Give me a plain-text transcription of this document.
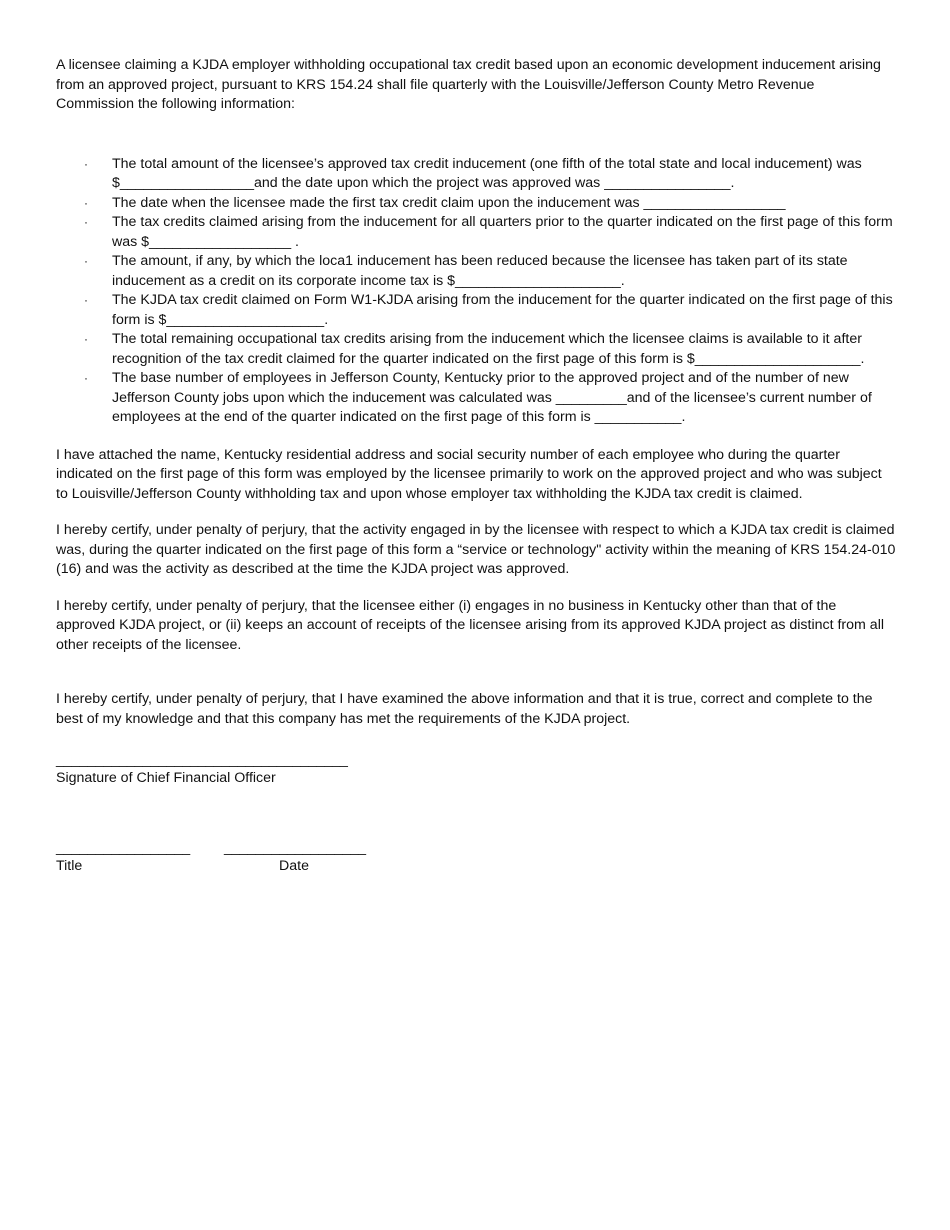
A licensee claiming a KJDA employer withholding occupational tax credit based upon an economic development inducement arising from an approved project, pursuant to KRS 154.24 shall file quarterly with the Louisville/Jefferson County Metro Revenue Commission the following information:

· The total amount of the licensee’s approved tax credit inducement (one fifth of the total state and local inducement) was $_________________and the date upon which the project was approved was ________________.
· The date when the licensee made the first tax credit claim upon the inducement was __________________
· The tax credits claimed arising from the inducement for all quarters prior to the quarter indicated on the first page of this form was $__________________ .
· The amount, if any, by which the loca1 inducement has been reduced because the licensee has taken part of its state inducement as a credit on its corporate income tax is $_____________________.
· The KJDA tax credit claimed on Form W1-KJDA arising from the inducement for the quarter indicated on the first page of this form is $____________________.
· The total remaining occupational tax credits arising from the inducement which the licensee claims is available to it after recognition of the tax credit claimed for the quarter indicated on the first page of this form is $_____________________.
· The base number of employees in Jefferson County, Kentucky prior to the approved project and of the number of new Jefferson County jobs upon which the inducement was calculated was _________and of the licensee’s current number of employees at the end of the quarter indicated on the first page of this form is ___________.

I have attached the name, Kentucky residential address and social security number of each employee who during the quarter indicated on the first page of this form was employed by the licensee primarily to work on the approved project and who was subject to Louisville/Jefferson County withholding tax and upon whose employer tax withholding the KJDA tax credit is claimed.

I hereby certify, under penalty of perjury, that the activity engaged in by the licensee with respect to which a KJDA tax credit is claimed was, during the quarter indicated on the first page of this form a “service or technology" activity within the meaning of KRS 154.24-010 (16) and was the activity as described at the time the KJDA project was approved.

I hereby certify, under penalty of perjury, that the licensee either (i) engages in no business in Kentucky other than that of the approved KJDA project, or (ii) keeps an account of receipts of the licensee arising from its approved KJDA project as distinct from all other receipts of the licensee.

I hereby certify, under penalty of perjury, that I have examined the above information and that it is true, correct and complete to the best of my knowledge and that this company has met the requirements of the KJDA project.

_____________________________________
Signature of Chief Financial Officer
_________________	__________________
Title	Date
